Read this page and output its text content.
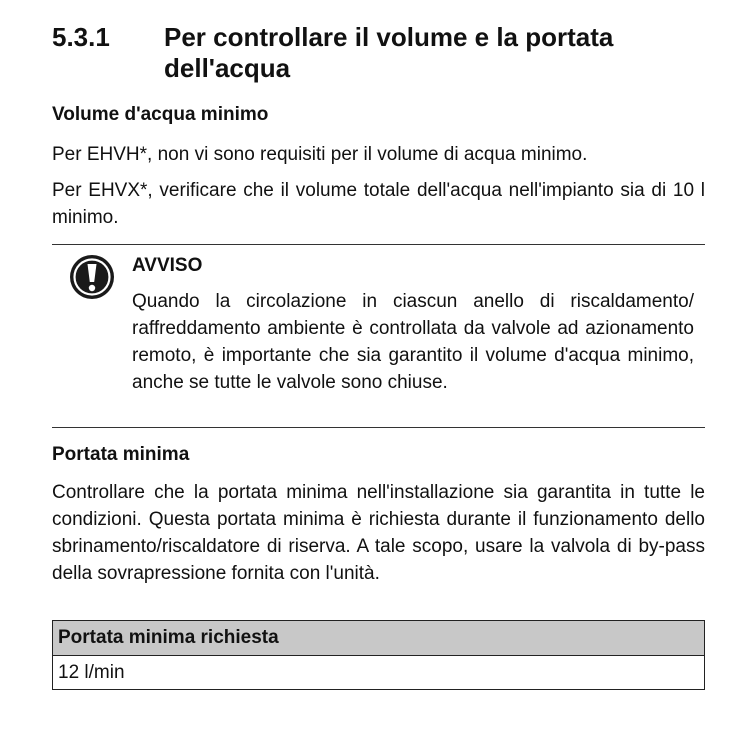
5.3.1	Per controllare il volume e la portata dell'acqua
Volume d'acqua minimo
Per EHVH*, non vi sono requisiti per il volume di acqua minimo.
Per EHVX*, verificare che il volume totale dell'acqua nell'impianto sia di 10 l minimo.
AVVISO
Quando la circolazione in ciascun anello di riscaldamento/ raffreddamento ambiente è controllata da valvole ad azionamento remoto, è importante che sia garantito il volume d'acqua minimo, anche se tutte le valvole sono chiuse.
Portata minima
Controllare che la portata minima nell'installazione sia garantita in tutte le condizioni. Questa portata minima è richiesta durante il funzionamento dello sbrinamento/riscaldatore di riserva. A tale scopo, usare la valvola di by-pass della sovrapressione fornita con l'unità.
Portata minima richiesta
12 l/min
